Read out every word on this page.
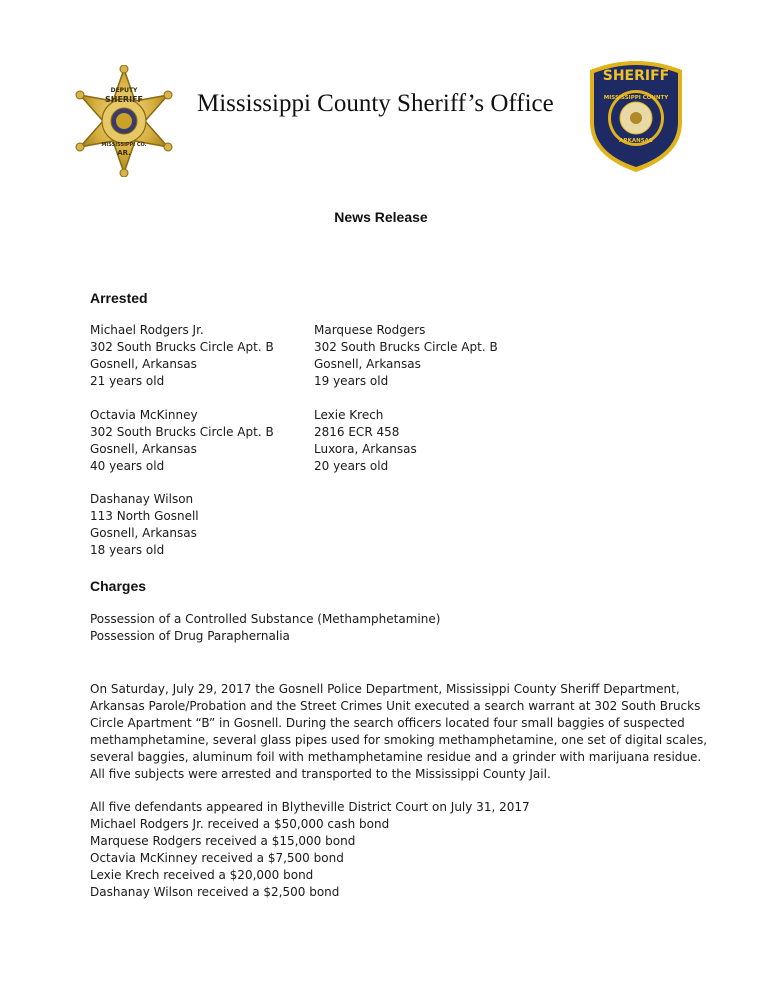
DEPUTY
SHERIFF
MISSISSIPPI CO.
AR.
Mississippi County Sheriff’s Office
SHERIFF
MISSISSIPPI COUNTY
ARKANSAS
News Release
Arrested
Michael Rodgers Jr.
302 South Brucks Circle Apt. B
Gosnell, Arkansas
21 years old
Marquese Rodgers
302 South Brucks Circle Apt. B
Gosnell, Arkansas
19 years old
Octavia McKinney
302 South Brucks Circle Apt. B
Gosnell, Arkansas
40 years old
Lexie Krech
2816 ECR 458
Luxora, Arkansas
20 years old
Dashanay Wilson
113 North Gosnell
Gosnell, Arkansas
18 years old
Charges
Possession of a Controlled Substance (Methamphetamine)
Possession of Drug Paraphernalia
On Saturday, July 29, 2017 the Gosnell Police Department, Mississippi County Sheriff Department,
Arkansas Parole/Probation and the Street Crimes Unit executed a search warrant at 302 South Brucks
Circle Apartment “B” in Gosnell. During the search officers located four small baggies of suspected
methamphetamine, several glass pipes used for smoking methamphetamine, one set of digital scales,
several baggies, aluminum foil with methamphetamine residue and a grinder with marijuana residue.
All five subjects were arrested and transported to the Mississippi County Jail.
All five defendants appeared in Blytheville District Court on July 31, 2017
Michael Rodgers Jr. received a $50,000 cash bond
Marquese Rodgers received a $15,000 bond
Octavia McKinney received a $7,500 bond
Lexie Krech received a $20,000 bond
Dashanay Wilson received a $2,500 bond
